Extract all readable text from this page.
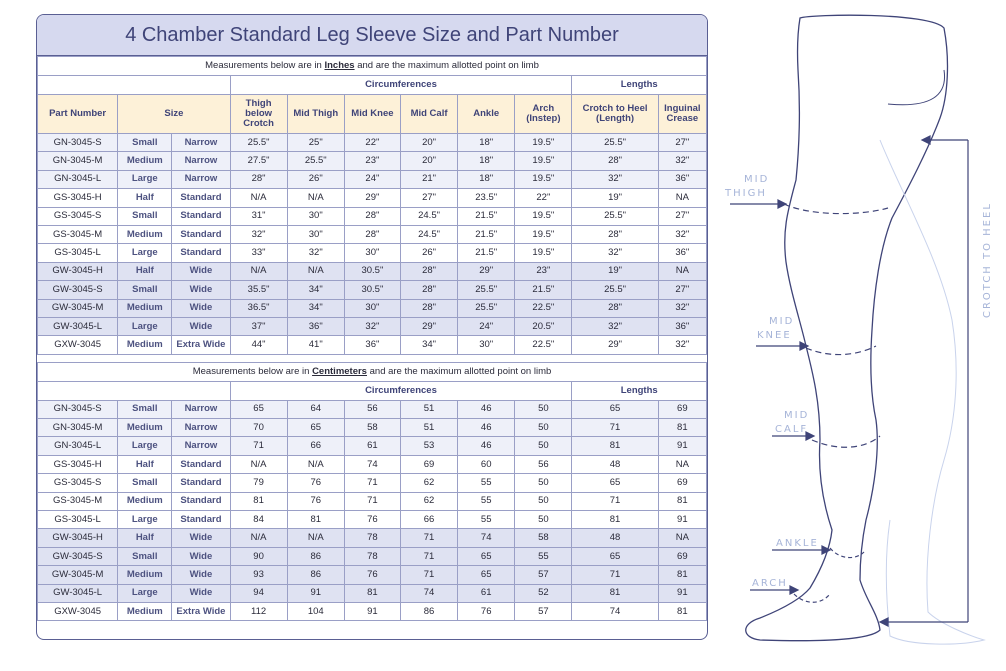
4 Chamber Standard Leg Sleeve Size and Part Number
Measurements below are in Inches and are the maximum allotted point on limb										
			Circumferences						Lengths	
Part Number	Size		Thigh below Crotch	Mid Thigh	Mid Knee	Mid Calf	Ankle	Arch (Instep)	Crotch to Heel (Length)	Inguinal Crease
GN-3045-S	Small	Narrow	25.5"	25"	22"	20"	18"	19.5"	25.5"	27"
GN-3045-M	Medium	Narrow	27.5"	25.5"	23"	20"	18"	19.5"	28"	32"
GN-3045-L	Large	Narrow	28"	26"	24"	21"	18"	19.5"	32"	36"
GS-3045-H	Half	Standard	N/A	N/A	29"	27"	23.5"	22"	19"	NA
GS-3045-S	Small	Standard	31"	30"	28"	24.5"	21.5"	19.5"	25.5"	27"
GS-3045-M	Medium	Standard	32"	30"	28"	24.5"	21.5"	19.5"	28"	32"
GS-3045-L	Large	Standard	33"	32"	30"	26"	21.5"	19.5"	32"	36"
GW-3045-H	Half	Wide	N/A	N/A	30.5"	28"	29"	23"	19"	NA
GW-3045-S	Small	Wide	35.5"	34"	30.5"	28"	25.5"	21.5"	25.5"	27"
GW-3045-M	Medium	Wide	36.5"	34"	30"	28"	25.5"	22.5"	28"	32"
GW-3045-L	Large	Wide	37"	36"	32"	29"	24"	20.5"	32"	36"
GXW-3045	Medium	Extra Wide	44"	41"	36"	34"	30"	22.5"	29"	32"

Measurements below are in Centimeters and are the maximum allotted point on limb										
			Circumferences						Lengths	
GN-3045-S	Small	Narrow	65	64	56	51	46	50	65	69
GN-3045-M	Medium	Narrow	70	65	58	51	46	50	71	81
GN-3045-L	Large	Narrow	71	66	61	53	46	50	81	91
GS-3045-H	Half	Standard	N/A	N/A	74	69	60	56	48	NA
GS-3045-S	Small	Standard	79	76	71	62	55	50	65	69
GS-3045-M	Medium	Standard	81	76	71	62	55	50	71	81
GS-3045-L	Large	Standard	84	81	76	66	55	50	81	91
GW-3045-H	Half	Wide	N/A	N/A	78	71	74	58	48	NA
GW-3045-S	Small	Wide	90	86	78	71	65	55	65	69
GW-3045-M	Medium	Wide	93	86	76	71	65	57	71	81
GW-3045-L	Large	Wide	94	91	81	74	61	52	81	91
GXW-3045	Medium	Extra Wide	112	104	91	86	76	57	74	81
MID
THIGH
MID
KNEE
MID
CALF
ANKLE
ARCH
CROTCH TO HEEL
